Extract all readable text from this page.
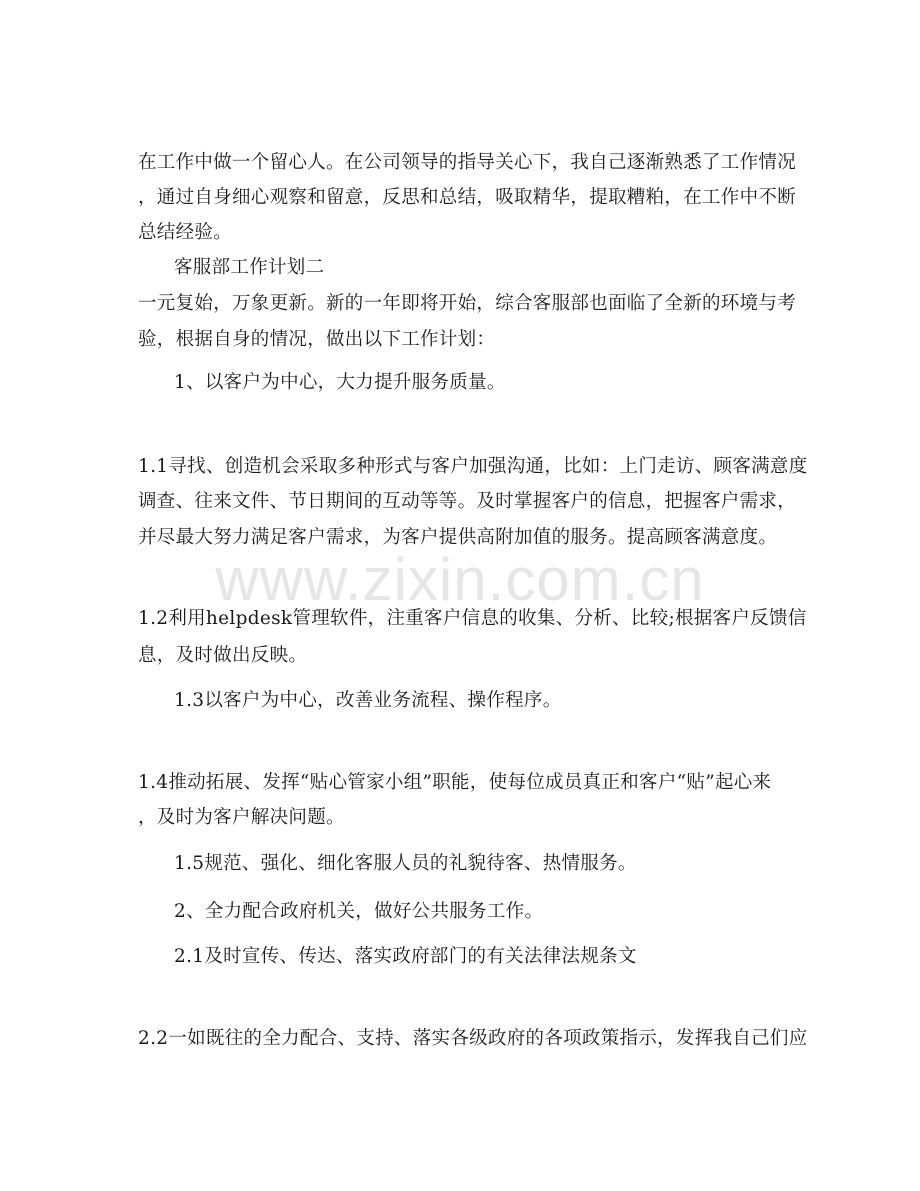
在工作中做一个留心人。在公司领导的指导关心下，我自己逐渐熟悉了工作情况
，通过自身细心观察和留意，反思和总结，吸取精华，提取糟粕，在工作中不断
总结经验。
客服部工作计划二
一元复始，万象更新。新的一年即将开始，综合客服部也面临了全新的环境与考
验，根据自身的情况，做出以下工作计划：
1、以客户为中心，大力提升服务质量。
1.1寻找、创造机会采取多种形式与客户加强沟通，比如：上门走访、顾客满意度
调查、往来文件、节日期间的互动等等。及时掌握客户的信息，把握客户需求，
并尽最大努力满足客户需求，为客户提供高附加值的服务。提高顾客满意度。
1.2利用helpdesk管理软件，注重客户信息的收集、分析、比较;根据客户反馈信
息，及时做出反映。
1.3以客户为中心，改善业务流程、操作程序。
1.4推动拓展、发挥“贴心管家小组”职能，使每位成员真正和客户“贴”起心来
，及时为客户解决问题。
1.5规范、强化、细化客服人员的礼貌待客、热情服务。
2、全力配合政府机关，做好公共服务工作。
2.1及时宣传、传达、落实政府部门的有关法律法规条文
2.2一如既往的全力配合、支持、落实各级政府的各项政策指示，发挥我自己们应
www.zixin.com.cn
